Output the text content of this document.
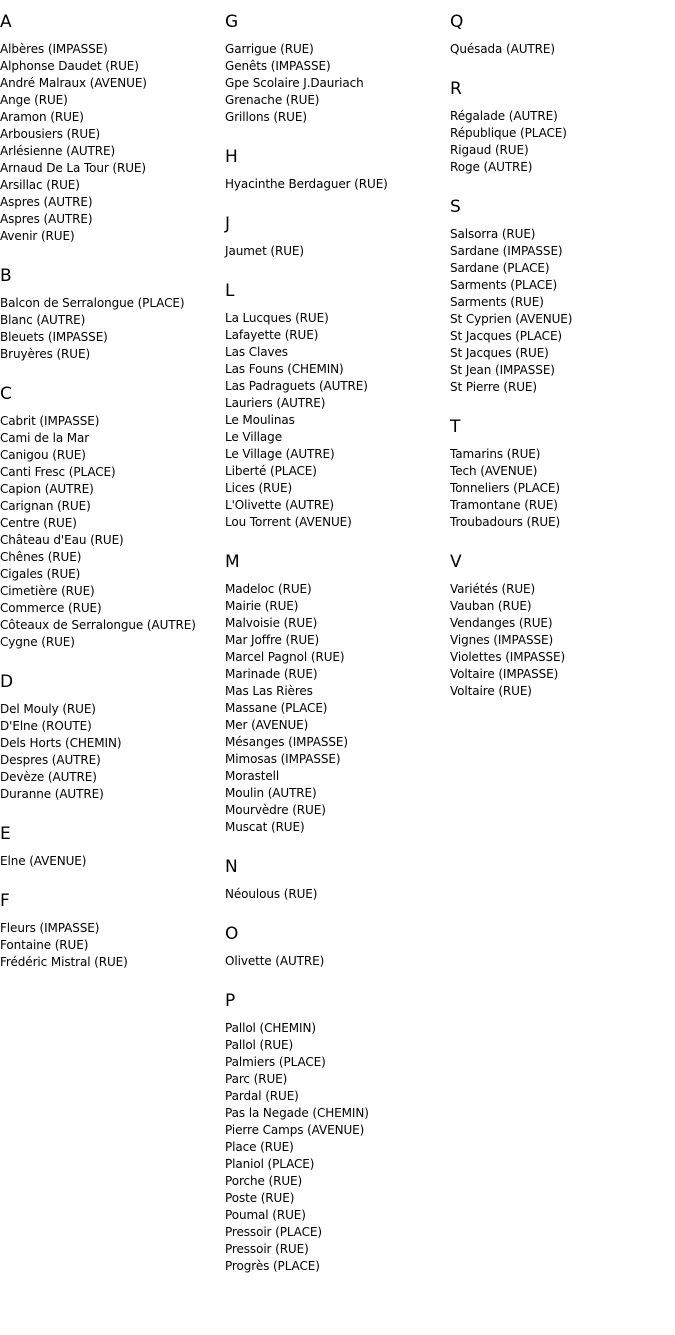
A
Albères (IMPASSE)
Alphonse Daudet (RUE)
André Malraux (AVENUE)
Ange (RUE)
Aramon (RUE)
Arbousiers (RUE)
Arlésienne (AUTRE)
Arnaud De La Tour (RUE)
Arsillac (RUE)
Aspres (AUTRE)
Aspres (AUTRE)
Avenir (RUE)
B
Balcon de Serralongue (PLACE)
Blanc (AUTRE)
Bleuets (IMPASSE)
Bruyères (RUE)
C
Cabrit (IMPASSE)
Cami de la Mar
Canigou (RUE)
Canti Fresc (PLACE)
Capion (AUTRE)
Carignan (RUE)
Centre (RUE)
Château d'Eau (RUE)
Chênes (RUE)
Cigales (RUE)
Cimetière (RUE)
Commerce (RUE)
Côteaux de Serralongue (AUTRE)
Cygne (RUE)
D
Del Mouly (RUE)
D'Elne (ROUTE)
Dels Horts (CHEMIN)
Despres (AUTRE)
Devèze (AUTRE)
Duranne (AUTRE)
E
Elne (AVENUE)
F
Fleurs (IMPASSE)
Fontaine (RUE)
Frédéric Mistral (RUE)
G
Garrigue (RUE)
Genêts (IMPASSE)
Gpe Scolaire J.Dauriach
Grenache (RUE)
Grillons (RUE)
H
Hyacinthe Berdaguer (RUE)
J
Jaumet (RUE)
L
La Lucques (RUE)
Lafayette (RUE)
Las Claves
Las Founs (CHEMIN)
Las Padraguets (AUTRE)
Lauriers (AUTRE)
Le Moulinas
Le Village
Le Village (AUTRE)
Liberté (PLACE)
Lices (RUE)
L'Olivette (AUTRE)
Lou Torrent (AVENUE)
M
Madeloc (RUE)
Mairie (RUE)
Malvoisie (RUE)
Mar Joffre (RUE)
Marcel Pagnol (RUE)
Marinade (RUE)
Mas Las Rières
Massane (PLACE)
Mer (AVENUE)
Mésanges (IMPASSE)
Mimosas (IMPASSE)
Morastell
Moulin (AUTRE)
Mourvèdre (RUE)
Muscat (RUE)
N
Néoulous (RUE)
O
Olivette (AUTRE)
P
Pallol (CHEMIN)
Pallol (RUE)
Palmiers (PLACE)
Parc (RUE)
Pardal (RUE)
Pas la Negade (CHEMIN)
Pierre Camps (AVENUE)
Place (RUE)
Planiol (PLACE)
Porche (RUE)
Poste (RUE)
Poumal (RUE)
Pressoir (PLACE)
Pressoir (RUE)
Progrès (PLACE)
Q
Quésada (AUTRE)
R
Régalade (AUTRE)
République (PLACE)
Rigaud (RUE)
Roge (AUTRE)
S
Salsorra (RUE)
Sardane (IMPASSE)
Sardane (PLACE)
Sarments (PLACE)
Sarments (RUE)
St Cyprien (AVENUE)
St Jacques (PLACE)
St Jacques (RUE)
St Jean (IMPASSE)
St Pierre (RUE)
T
Tamarins (RUE)
Tech (AVENUE)
Tonneliers (PLACE)
Tramontane (RUE)
Troubadours (RUE)
V
Variétés (RUE)
Vauban (RUE)
Vendanges (RUE)
Vignes (IMPASSE)
Violettes (IMPASSE)
Voltaire (IMPASSE)
Voltaire (RUE)
